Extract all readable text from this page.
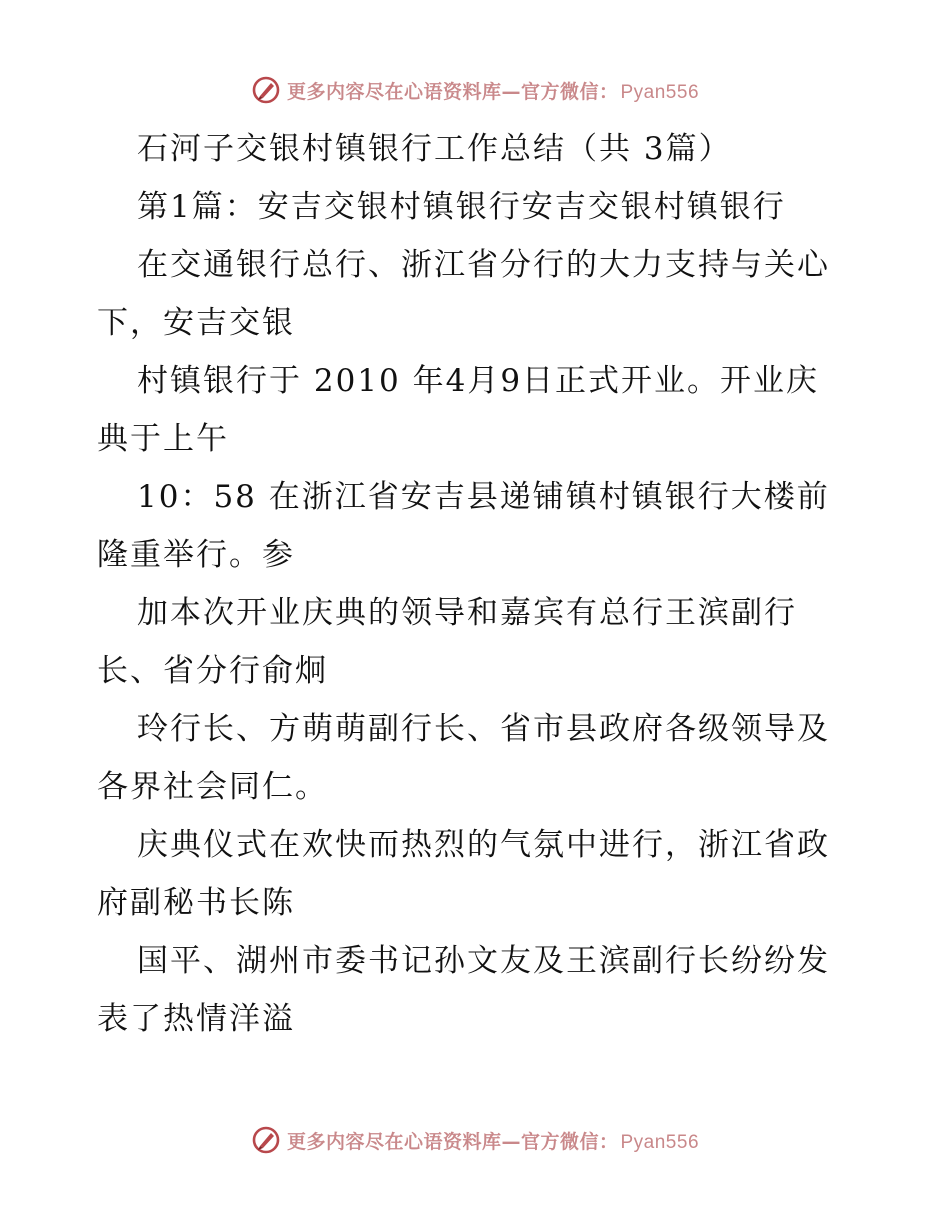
更多内容尽在心语资料库—官方微信： Pyan556
石河子交银村镇银行工作总结（共 3篇）
第1篇：安吉交银村镇银行安吉交银村镇银行
在交通银行总行、浙江省分行的大力支持与关心
下，安吉交银
村镇银行于 2010 年4月9日正式开业。开业庆
典于上午
10：58 在浙江省安吉县递铺镇村镇银行大楼前
隆重举行。参
加本次开业庆典的领导和嘉宾有总行王滨副行
长、省分行俞炯
玲行长、方萌萌副行长、省市县政府各级领导及
各界社会同仁。
庆典仪式在欢快而热烈的气氛中进行，浙江省政
府副秘书长陈
国平、湖州市委书记孙文友及王滨副行长纷纷发
表了热情洋溢
更多内容尽在心语资料库—官方微信： Pyan556
